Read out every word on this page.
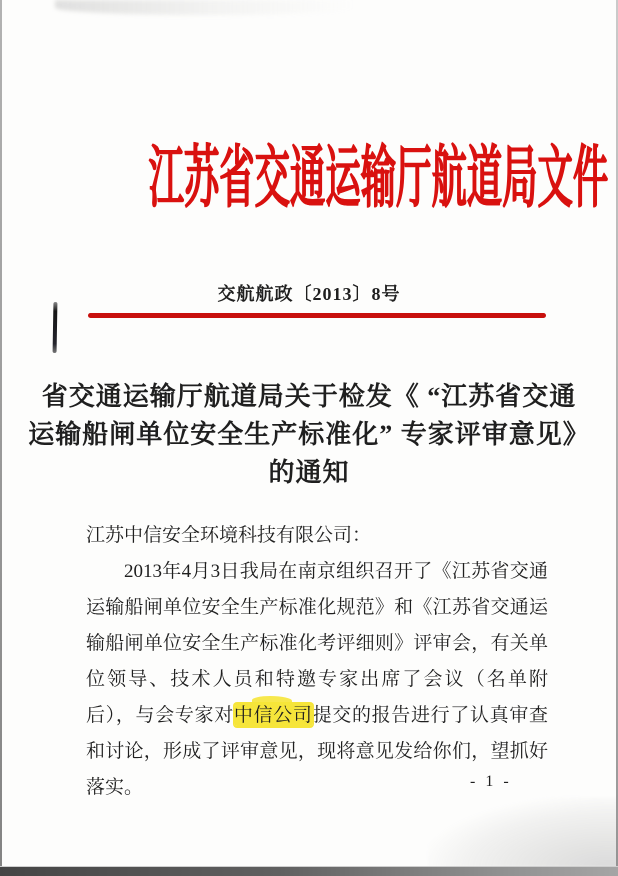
江苏省交通运输厅航道局文件
交航航政〔2013〕8号
省交通运输厅航道局关于检发《 “江苏省交通
运输船闸单位安全生产标准化” 专家评审意见》
的通知

江苏中信安全环境科技有限公司：

2013年4月3日我局在南京组织召开了《江苏省交通运输船闸单位安全生产标准化规范》和《江苏省交通运输船闸单位安全生产标准化考评细则》评审会，有关单位领导、技术人员和特邀专家出席了会议（名单附后），与会专家对中信公司提交的报告进行了认真审查和讨论，形成了评审意见，现将意见发给你们，望抓好落实。	- 1 -
